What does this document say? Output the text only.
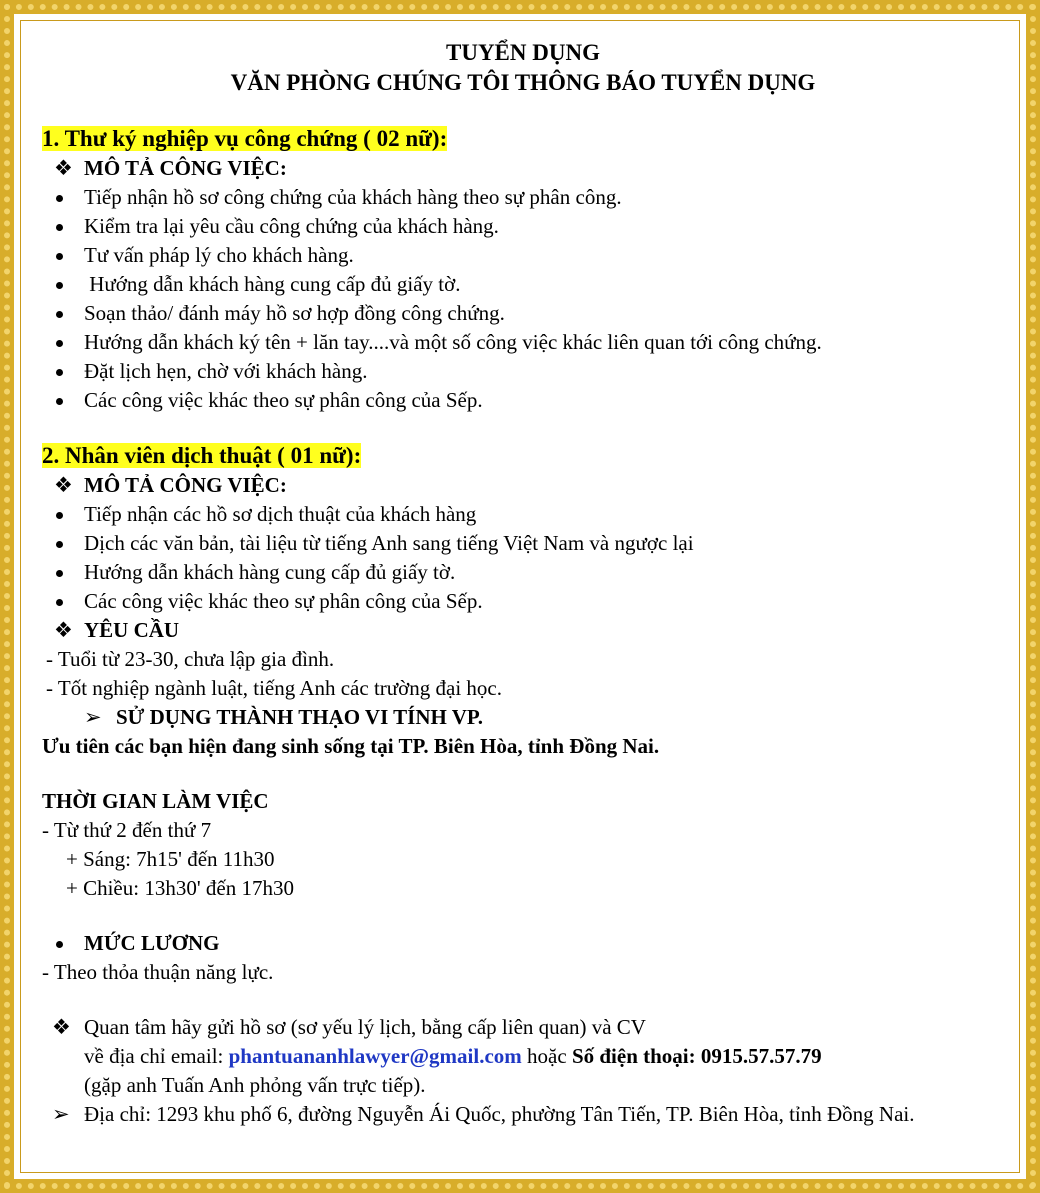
TUYỂN DỤNG
VĂN PHÒNG CHÚNG TÔI THÔNG BÁO TUYỂN DỤNG
1. Thư ký nghiệp vụ công chứng ( 02 nữ):
❖ MÔ TẢ CÔNG VIỆC:
Tiếp nhận hồ sơ công chứng của khách hàng theo sự phân công.
Kiểm tra lại yêu cầu công chứng của khách hàng.
Tư vấn pháp lý cho khách hàng.
Hướng dẫn khách hàng cung cấp đủ giấy tờ.
Soạn thảo/ đánh máy hồ sơ hợp đồng công chứng.
Hướng dẫn khách ký tên + lăn tay....và một số công việc khác liên quan tới công chứng.
Đặt lịch hẹn, chờ với khách hàng.
Các công việc khác theo sự phân công của Sếp.
2. Nhân viên dịch thuật ( 01 nữ):
❖ MÔ TẢ CÔNG VIỆC:
Tiếp nhận các hồ sơ dịch thuật của khách hàng
Dịch các văn bản, tài liệu từ tiếng Anh sang tiếng Việt Nam và ngược lại
Hướng dẫn khách hàng cung cấp đủ giấy tờ.
Các công việc khác theo sự phân công của Sếp.
❖ YÊU CẦU
- Tuổi từ 23-30, chưa lập gia đình.
- Tốt nghiệp ngành luật, tiếng Anh các trường đại học.
➢ SỬ DỤNG THÀNH THẠO VI TÍNH VP.
Ưu tiên các bạn hiện đang sinh sống tại TP. Biên Hòa, tỉnh Đồng Nai.
THỜI GIAN LÀM VIỆC
- Từ thứ 2 đến thứ 7
+ Sáng: 7h15' đến 11h30
+ Chiều: 13h30' đến 17h30
MỨC LƯƠNG
- Theo thỏa thuận năng lực.
❖ Quan tâm hãy gửi hồ sơ (sơ yếu lý lịch, bằng cấp liên quan) và CV
về địa chỉ email: phantuananhlawyer@gmail.com hoặc Số điện thoại: 0915.57.57.79
(gặp anh Tuấn Anh phỏng vấn trực tiếp).
➢ Địa chỉ: 1293 khu phố 6, đường Nguyễn Ái Quốc, phường Tân Tiến, TP. Biên Hòa, tỉnh Đồng Nai.
